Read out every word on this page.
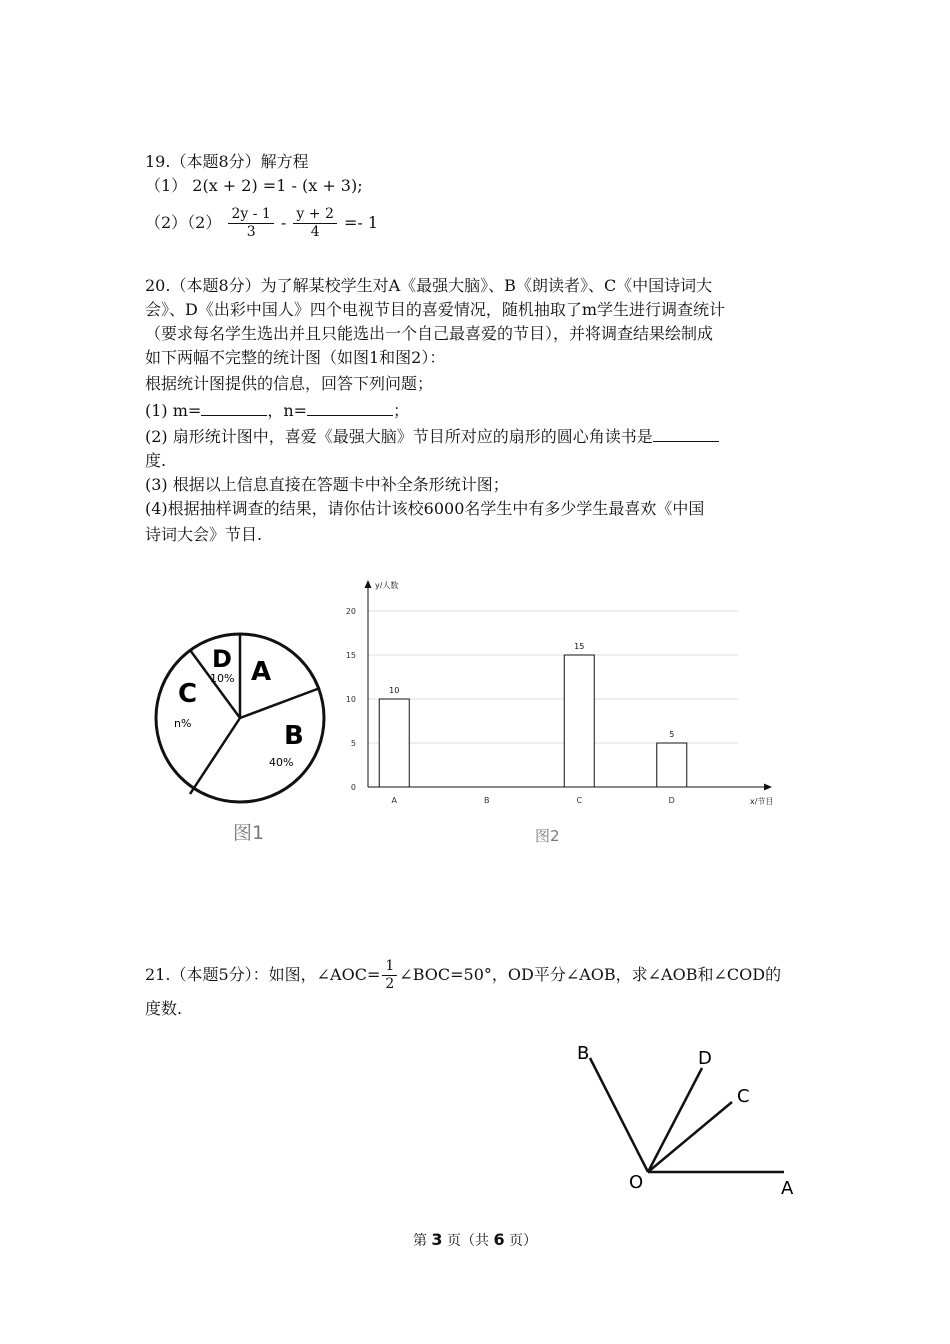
19.（本题8分）解方程
（1） 2(x + 2) =1 - (x + 3);
$(2)(2) \frac{2y - 1}{3} - \frac{y + 2}{4} =- 1$
20.（本题8分）为了解某校学生对A《最强大脑》、B《朗读者》、C《中国诗词大
会》、D《出彩中国人》四个电视节目的喜爱情况，随机抽取了m学生进行调查统计
（要求每名学生选出并且只能选出一个自己最喜爱的节目），并将调查结果绘制成
如下两幅不完整的统计图（如图1和图2）：
根据统计图提供的信息，回答下列问题；
(1) m=	，n=	；
(2) 扇形统计图中，喜爱《最强大脑》节目所对应的扇形的圆心角读书是
度.
(3) 根据以上信息直接在答题卡中补全条形统计图；
(4)根据抽样调查的结果，请你估计该校6000名学生中有多少学生最喜欢《中国
诗词大会》节目.
A
B
40%
C
n%
D
10%
图1
0
5
10
15
20
y/人数
x/节目
10
A	B
15
C
5
D
图2
21.（本题5分）：如图，∠AOC= $\frac{1}{2}$ ∠BOC=50°，OD平分∠AOB，求∠AOB和∠COD的
度数.
B	D
C
O	A
第 3 页（共 6 页）
